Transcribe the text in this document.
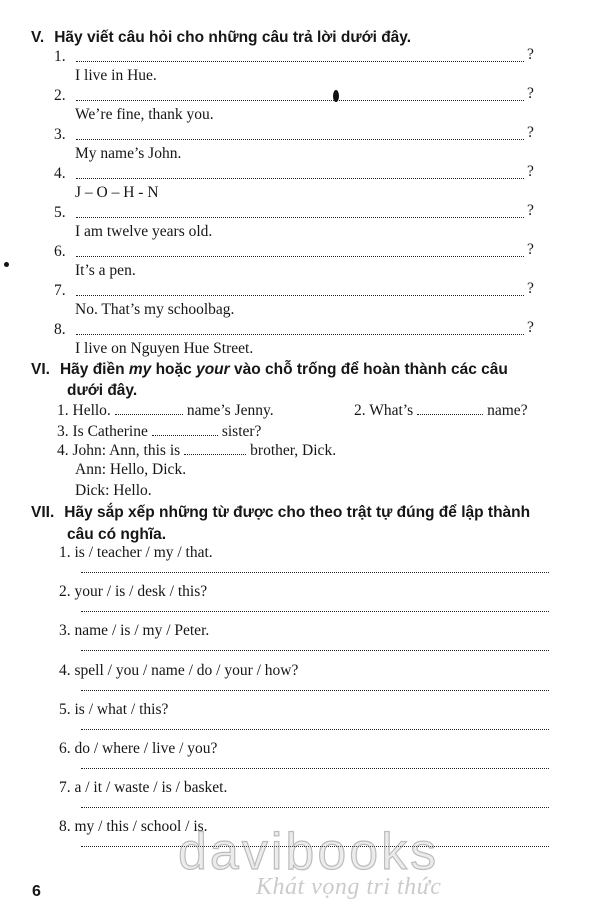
V. Hãy viết câu hỏi cho những câu trả lời dưới đây.
1.	?
I live in Hue.
2.	?
We’re fine, thank you.
3.	?
My name’s John.
4.	?
J – O – H - N
5.	?
I am twelve years old.
6.	?
It’s a pen.
7.	?
No. That’s my schoolbag.
8.	?
I live on Nguyen Hue Street.
VI. Hãy điền my hoặc your vào chỗ trống để hoàn thành các câu
dưới đây.
1. Hello.	name’s Jenny.	2. What’s	name?
3. Is Catherine	sister?
4. John: Ann, this is	brother, Dick.
Ann: Hello, Dick.
Dick: Hello.
VII. Hãy sắp xếp những từ được cho theo trật tự đúng để lập thành
câu có nghĩa.
1. is / teacher / my / that.
2. your / is / desk / this?
3. name / is / my / Peter.
4. spell / you / name / do / your / how?
5. is / what / this?
6. do / where / live / you?
7. a / it / waste / is / basket.
8. my / this / school / is.
6
davibooks
Khát vọng tri thức
